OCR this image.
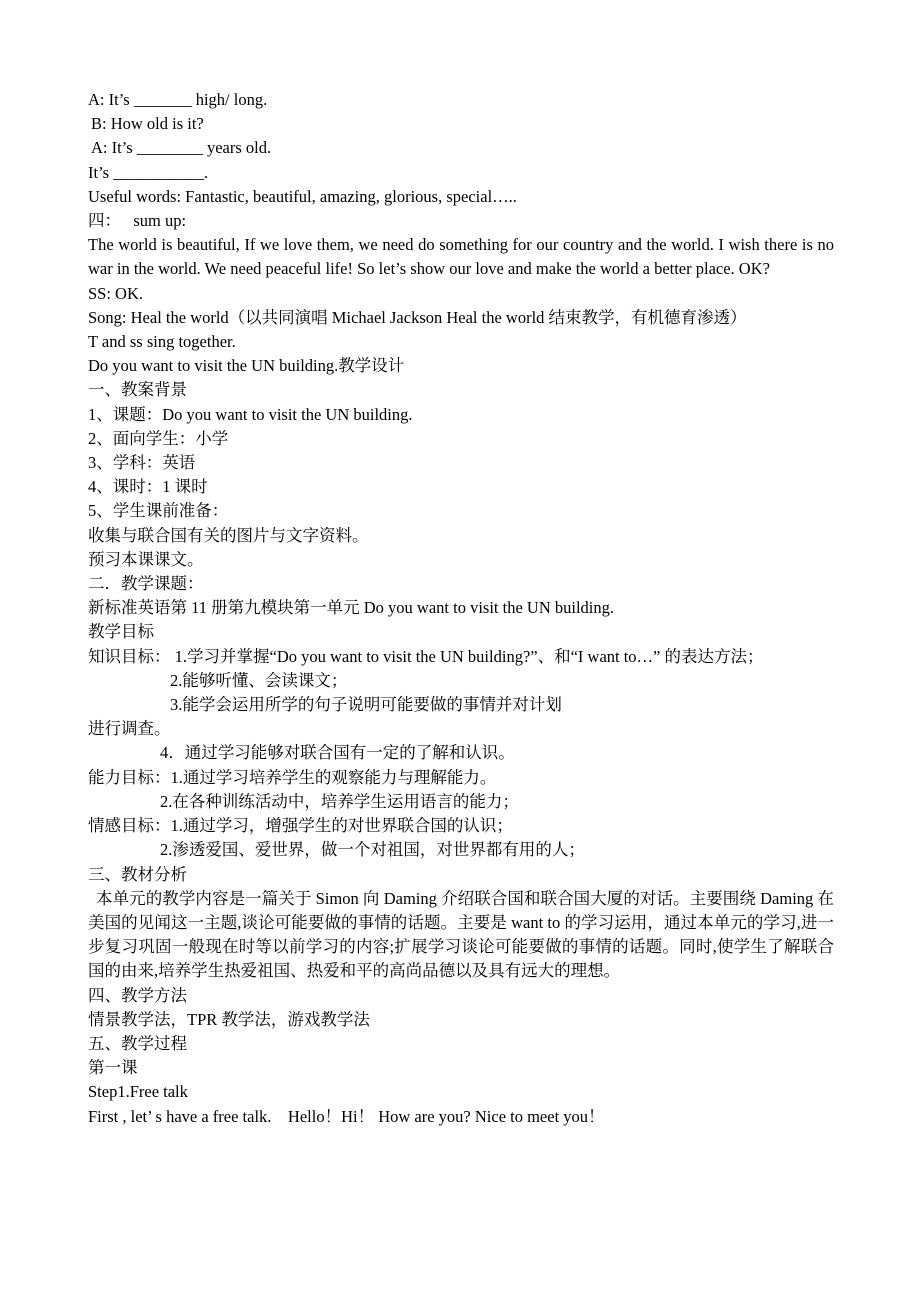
A: It’s _______ high/ long.
B: How old is it?
A: It’s ________ years old.
It’s ___________.
Useful words: Fantastic, beautiful, amazing, glorious, special…..
四：   sum up:
The world is beautiful, If we love them, we need do something for our country and the world. I wish there is no war in the world. We need peaceful life! So let’s show our love and make the world a better place. OK?
SS: OK.
Song: Heal the world（以共同演唱 Michael Jackson Heal the world 结束教学，有机德育渗透）
T and ss sing together.
Do you want to visit the UN building.教学设计
一、教案背景
1、课题：Do you want to visit the UN building.
2、面向学生：小学
3、学科：英语
4、课时：1 课时
5、学生课前准备：
收集与联合国有关的图片与文字资料。
预习本课课文。
二．教学课题：
新标准英语第 11 册第九模块第一单元 Do you want to visit the UN building.
教学目标
知识目标： 1.学习并掌握“Do you want to visit the UN building?”、和“I want to…” 的表达方法；
2.能够听懂、会读课文；
3.能学会运用所学的句子说明可能要做的事情并对计划
进行调查。
4．通过学习能够对联合国有一定的了解和认识。
能力目标：1.通过学习培养学生的观察能力与理解能力。
2.在各种训练活动中，培养学生运用语言的能力；
情感目标：1.通过学习，增强学生的对世界联合国的认识；
2.渗透爱国、爱世界，做一个对祖国，对世界都有用的人；
三、教材分析
本单元的教学内容是一篇关于 Simon 向 Daming 介绍联合国和联合国大厦的对话。主要围绕 Daming 在美国的见闻这一主题,谈论可能要做的事情的话题。主要是 want to 的学习运用，通过本单元的学习,进一步复习巩固一般现在时等以前学习的内容;扩展学习谈论可能要做的事情的话题。同时,使学生了解联合国的由来,培养学生热爱祖国、热爱和平的高尚品德以及具有远大的理想。
四、教学方法
情景教学法，TPR 教学法，游戏教学法
五、教学过程
第一课
Step1.Free talk
First , let’ s have a free talk.    Hello！Hi！ How are you? Nice to meet you！
